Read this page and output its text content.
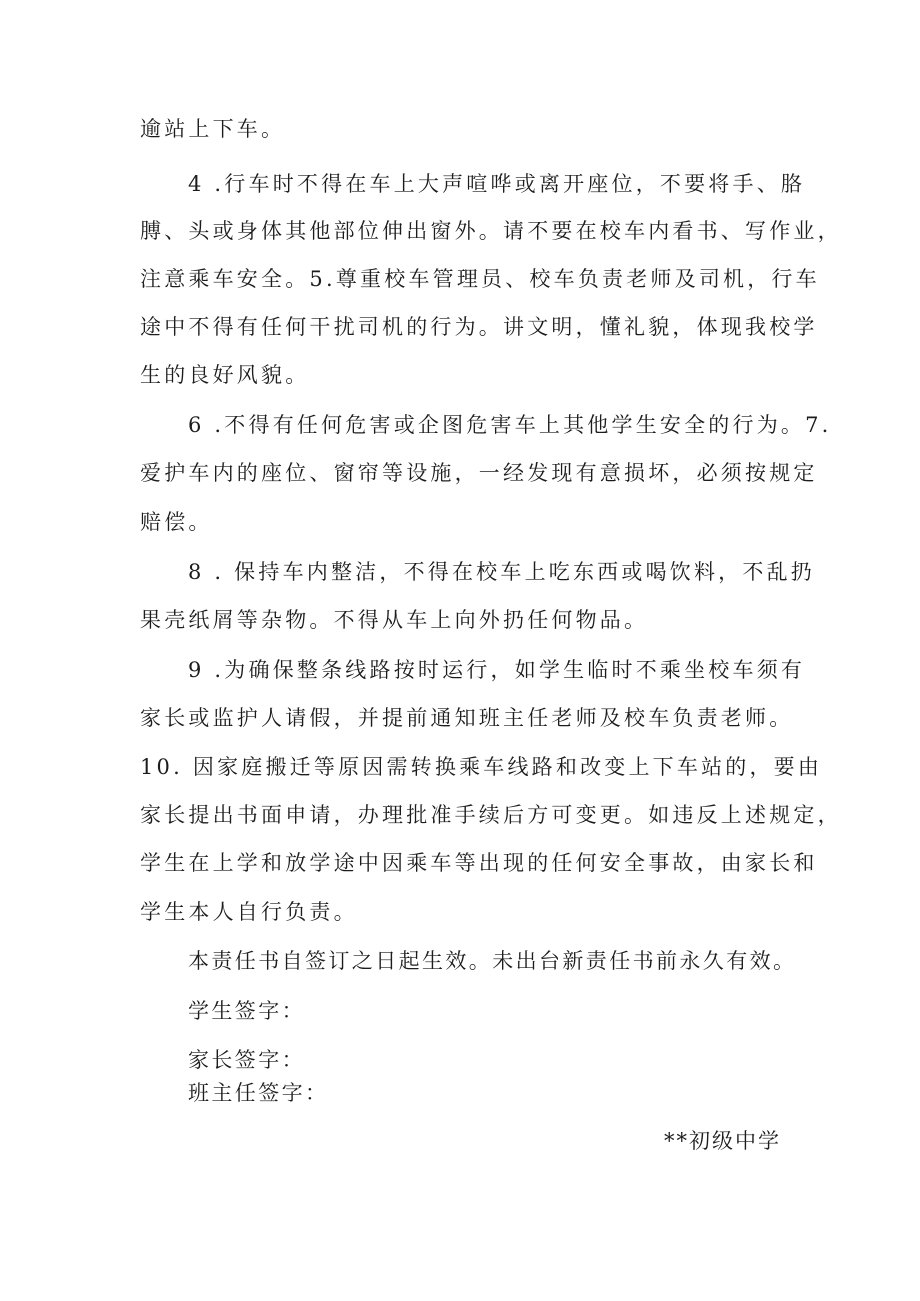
逾站上下车。
4 .行车时不得在车上大声喧哗或离开座位，不要将手、胳
膊、头或身体其他部位伸出窗外。请不要在校车内看书、写作业，
注意乘车安全。5.尊重校车管理员、校车负责老师及司机，行车
途中不得有任何干扰司机的行为。讲文明，懂礼貌，体现我校学
生的良好风貌。
6 .不得有任何危害或企图危害车上其他学生安全的行为。7.
爱护车内的座位、窗帘等设施，一经发现有意损坏，必须按规定
赔偿。
8 . 保持车内整洁，不得在校车上吃东西或喝饮料，不乱扔
果壳纸屑等杂物。不得从车上向外扔任何物品。
9 .为确保整条线路按时运行，如学生临时不乘坐校车须有
家长或监护人请假，并提前通知班主任老师及校车负责老师。
10. 因家庭搬迁等原因需转换乘车线路和改变上下车站的，要由
家长提出书面申请，办理批准手续后方可变更。如违反上述规定，
学生在上学和放学途中因乘车等出现的任何安全事故，由家长和
学生本人自行负责。
本责任书自签订之日起生效。未出台新责任书前永久有效。
学生签字：
家长签字：
班主任签字：
**初级中学
